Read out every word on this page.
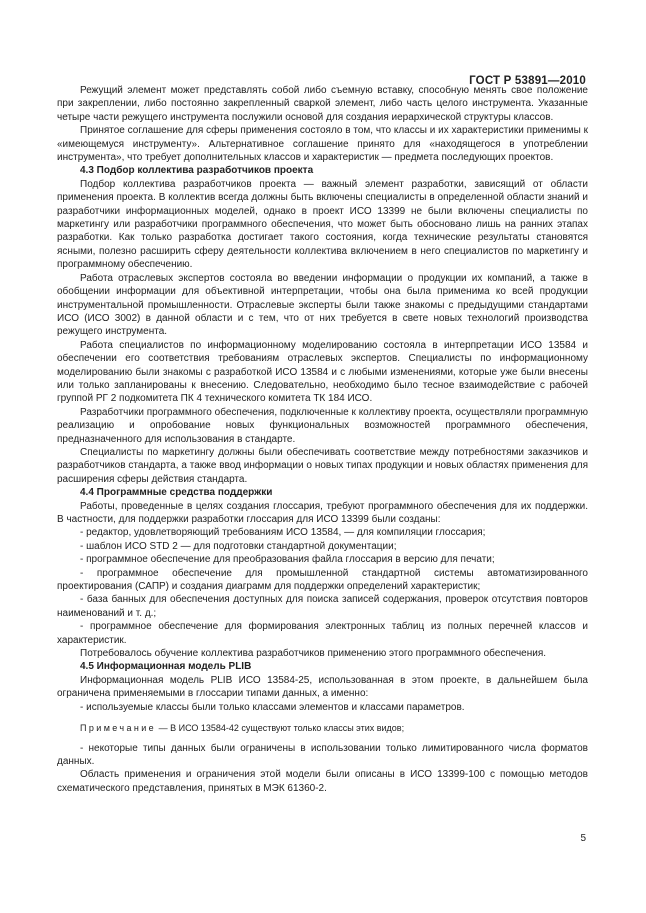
ГОСТ Р 53891—2010

Режущий элемент может представлять собой либо съемную вставку, способную менять свое положение при закреплении, либо постоянно закрепленный сваркой элемент, либо часть целого инструмента. Указанные четыре части режущего инструмента послужили основой для создания иерархической структуры классов.

Принятое соглашение для сферы применения состояло в том, что классы и их характеристики применимы к «имеющемуся инструменту». Альтернативное соглашение принято для «находящегося в употреблении инструмента», что требует дополнительных классов и характеристик — предмета последующих проектов.

4.3 Подбор коллектива разработчиков проекта

Подбор коллектива разработчиков проекта — важный элемент разработки, зависящий от области применения проекта. В коллектив всегда должны быть включены специалисты в определенной области знаний и разработчики информационных моделей, однако в проект ИСО 13399 не были включены специалисты по маркетингу или разработчики программного обеспечения, что может быть обосновано лишь на ранних этапах разработки. Как только разработка достигает такого состояния, когда технические результаты становятся ясными, полезно расширить сферу деятельности коллектива включением в него специалистов по маркетингу и программному обеспечению.

Работа отраслевых экспертов состояла во введении информации о продукции их компаний, а также в обобщении информации для объективной интерпретации, чтобы она была применима ко всей продукции инструментальной промышленности. Отраслевые эксперты были также знакомы с предыдущими стандартами ИСО (ИСО 3002) в данной области и с тем, что от них требуется в свете новых технологий производства режущего инструмента.

Работа специалистов по информационному моделированию состояла в интерпретации ИСО 13584 и обеспечении его соответствия требованиям отраслевых экспертов. Специалисты по информационному моделированию были знакомы с разработкой ИСО 13584 и с любыми изменениями, которые уже были внесены или только запланированы к внесению. Следовательно, необходимо было тесное взаимодействие с рабочей группой РГ 2 подкомитета ПК 4 технического комитета ТК 184 ИСО.

Разработчики программного обеспечения, подключенные к коллективу проекта, осуществляли программную реализацию и опробование новых функциональных возможностей программного обеспечения, предназначенного для использования в стандарте.

Специалисты по маркетингу должны были обеспечивать соответствие между потребностями заказчиков и разработчиков стандарта, а также ввод информации о новых типах продукции и новых областях применения для расширения сферы действия стандарта.

4.4 Программные средства поддержки

Работы, проведенные в целях создания глоссария, требуют программного обеспечения для их поддержки. В частности, для поддержки разработки глоссария для ИСО 13399 были созданы:

- редактор, удовлетворяющий требованиям ИСО 13584, — для компиляции глоссария;

- шаблон ИСО STD 2 — для подготовки стандартной документации;

- программное обеспечение для преобразования файла глоссария в версию для печати;

- программное обеспечение для промышленной стандартной системы автоматизированного проектирования (САПР) и создания диаграмм для поддержки определений характеристик;

- база банных для обеспечения доступных для поиска записей содержания, проверок отсутствия повторов наименований и т. д.;

- программное обеспечение для формирования электронных таблиц из полных перечней классов и характеристик.

Потребовалось обучение коллектива разработчиков применению этого программного обеспечения.

4.5 Информационная модель PLIB

Информационная модель PLIB ИСО 13584-25, использованная в этом проекте, в дальнейшем была ограничена применяемыми в глоссарии типами данных, а именно:

- используемые классы были только классами элементов и классами параметров.

Примечание — В ИСО 13584-42 существуют только классы этих видов;

- некоторые типы данных были ограничены в использовании только лимитированного числа форматов данных.

Область применения и ограничения этой модели были описаны в ИСО 13399-100 с помощью методов схематического представления, принятых в МЭК 61360-2.

5
